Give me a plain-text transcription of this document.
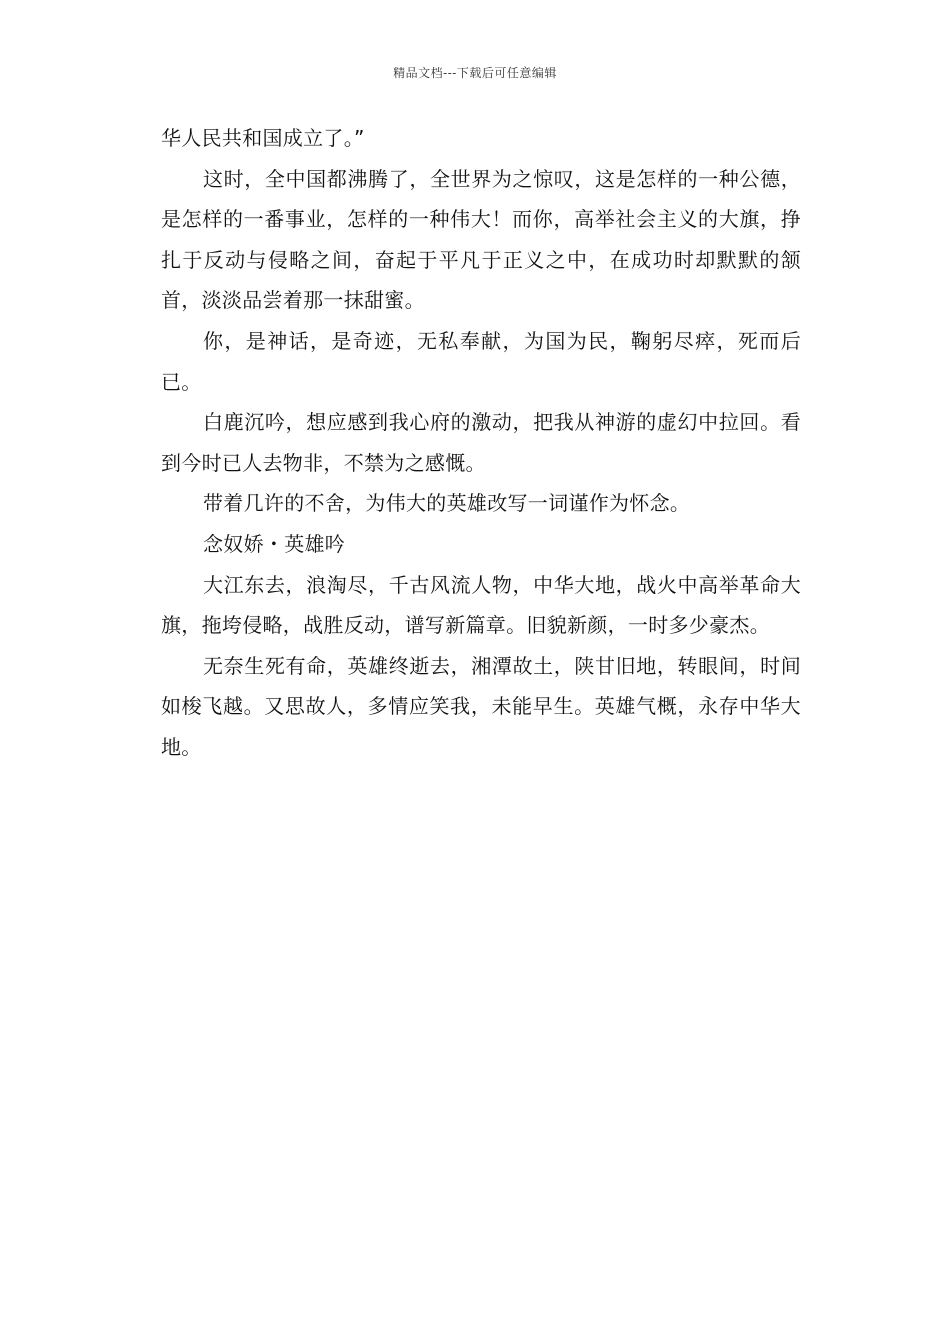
精品文档---下载后可任意编辑

华人民共和国成立了。”

这时，全中国都沸腾了，全世界为之惊叹，这是怎样的一种公德，是怎样的一番事业，怎样的一种伟大！而你，高举社会主义的大旗，挣扎于反动与侵略之间，奋起于平凡于正义之中，在成功时却默默的颔首，淡淡品尝着那一抹甜蜜。

你，是神话，是奇迹，无私奉献，为国为民，鞠躬尽瘁，死而后已。

白鹿沉吟，想应感到我心府的激动，把我从神游的虚幻中拉回。看到今时已人去物非，不禁为之感慨。

带着几许的不舍，为伟大的英雄改写一词谨作为怀念。

念奴娇・英雄吟

大江东去，浪淘尽，千古风流人物，中华大地，战火中高举革命大旗，拖垮侵略，战胜反动，谱写新篇章。旧貌新颜，一时多少豪杰。

无奈生死有命，英雄终逝去，湘潭故土，陕甘旧地，转眼间，时间如梭飞越。又思故人，多情应笑我，未能早生。英雄气概，永存中华大地。
